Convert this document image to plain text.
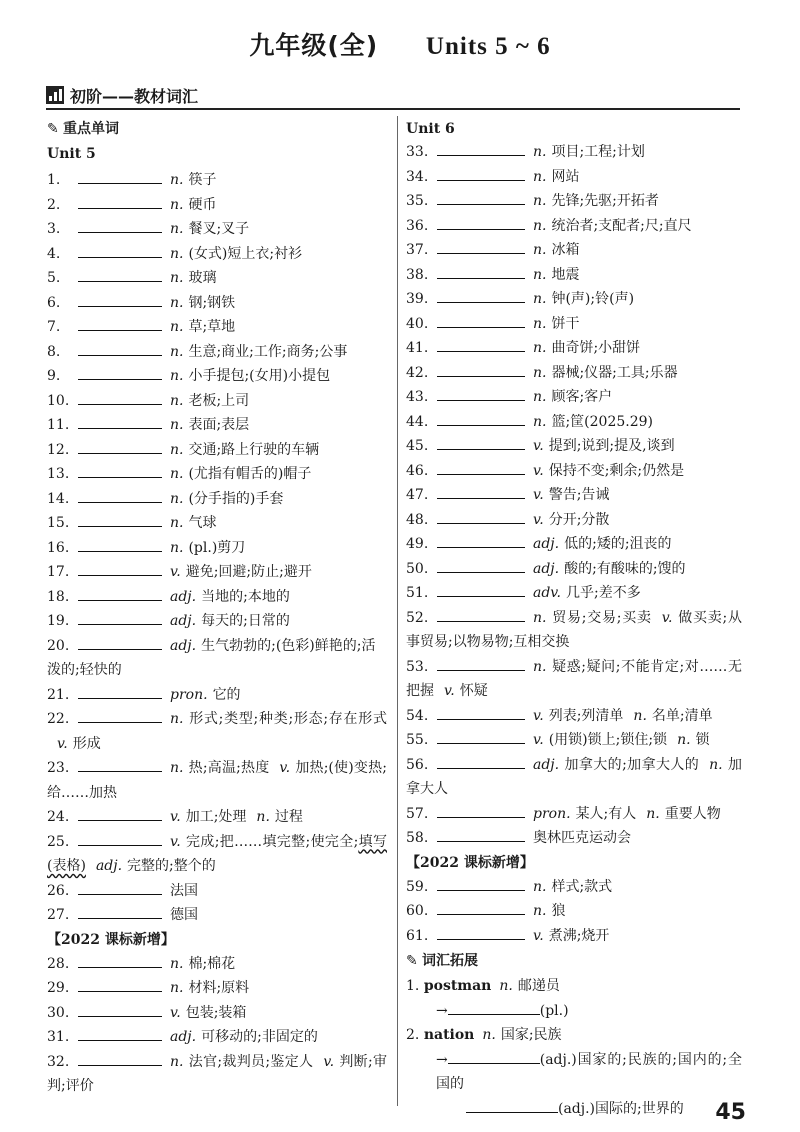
九年级(全) Units 5 ~ 6
初阶——教材词汇
✎ 重点单词
Unit 5
1.	n. 筷子
2.	n. 硬币
3.	n. 餐叉;叉子
4.	n. (女式)短上衣;衬衫
5.	n. 玻璃
6.	n. 钢;钢铁
7.	n. 草;草地
8.	n. 生意;商业;工作;商务;公事
9.	n. 小手提包;(女用)小提包
10.	n. 老板;上司
11.	n. 表面;表层
12.	n. 交通;路上行驶的车辆
13.	n. (尤指有帽舌的)帽子
14.	n. (分手指的)手套
15.	n. 气球
16.	n. (pl.)剪刀
17.	v. 避免;回避;防止;避开
18.	adj. 当地的;本地的
19.	adj. 每天的;日常的
20.	adj. 生气勃勃的;(色彩)鲜艳的;活泼的;轻快的
21.	pron. 它的
22.	n. 形式;类型;种类;形态;存在形式v. 形成
23.	n. 热;高温;热度 v. 加热;(使)变热;给……加热
24.	v. 加工;处理 n. 过程
25.	v. 完成;把……填完整;使完全;填写(表格) adj. 完整的;整个的
26.	法国
27.	德国
【2022 课标新增】
28.	n. 棉;棉花
29.	n. 材料;原料
30.	v. 包装;装箱
31.	adj. 可移动的;非固定的
32.	n. 法官;裁判员;鉴定人 v. 判断;审判;评价
Unit 6
33.	n. 项目;工程;计划
34.	n. 网站
35.	n. 先锋;先驱;开拓者
36.	n. 统治者;支配者;尺;直尺
37.	n. 冰箱
38.	n. 地震
39.	n. 钟(声);铃(声)
40.	n. 饼干
41.	n. 曲奇饼;小甜饼
42.	n. 器械;仪器;工具;乐器
43.	n. 顾客;客户
44.	n. 篮;筐(2025.29)
45.	v. 提到;说到;提及,谈到
46.	v. 保持不变;剩余;仍然是
47.	v. 警告;告诫
48.	v. 分开;分散
49.	adj. 低的;矮的;沮丧的
50.	adj. 酸的;有酸味的;馊的
51.	adv. 几乎;差不多
52.	n. 贸易;交易;买卖 v. 做买卖;从事贸易;以物易物;互相交换
53.	n. 疑惑;疑问;不能肯定;对……无把握 v. 怀疑
54.	v. 列表;列清单 n. 名单;清单
55.	v. (用锁)锁上;锁住;锁 n. 锁
56.	adj. 加拿大的;加拿大人的 n. 加拿大人
57.	pron. 某人;有人 n. 重要人物
58.	奥林匹克运动会
【2022 课标新增】
59.	n. 样式;款式
60.	n. 狼
61.	v. 煮沸;烧开
✎ 词汇拓展
1. postman n. 邮递员
→	(pl.)
2. nation n. 国家;民族
→	(adj.)国家的;民族的;国内的;全国的
(adj.)国际的;世界的	45
